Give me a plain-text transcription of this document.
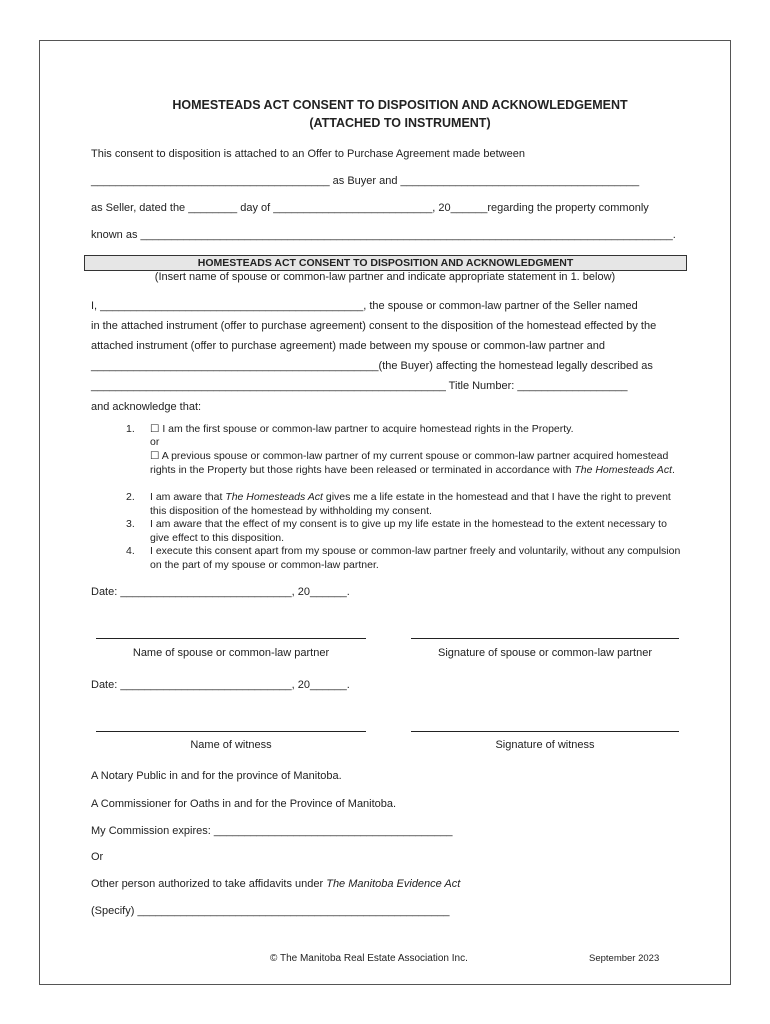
HOMESTEADS ACT CONSENT TO DISPOSITION AND ACKNOWLEDGEMENT
(ATTACHED TO INSTRUMENT)
This consent to disposition is attached to an Offer to Purchase Agreement made between
_______________________________________ as Buyer and _______________________________________
as Seller, dated the ________ day of __________________________, 20______regarding the property commonly
known as _______________________________________________________________________________________.
HOMESTEADS ACT CONSENT TO DISPOSITION AND ACKNOWLEDGMENT
(Insert name of spouse or common-law partner and indicate appropriate statement in 1. below)
I, ___________________________________________, the spouse or common-law partner of the Seller named
in the attached instrument (offer to purchase agreement) consent to the disposition of the homestead effected by the
attached instrument (offer to purchase agreement) made between my spouse or common-law partner and
_______________________________________________(the Buyer) affecting the homestead legally described as
__________________________________________________________ Title Number: __________________
and acknowledge that:
1. ☐ I am the first spouse or common-law partner to acquire homestead rights in the Property.
or
☐ A previous spouse or common-law partner of my current spouse or common-law partner acquired homestead rights in the Property but those rights have been released or terminated in accordance with The Homesteads Act.
2. I am aware that The Homesteads Act gives me a life estate in the homestead and that I have the right to prevent this disposition of the homestead by withholding my consent.
3. I am aware that the effect of my consent is to give up my life estate in the homestead to the extent necessary to give effect to this disposition.
4. I execute this consent apart from my spouse or common-law partner freely and voluntarily, without any compulsion on the part of my spouse or common-law partner.
Date: ____________________________, 20______.
Name of spouse or common-law partner	Signature of spouse or common-law partner
Date: ____________________________, 20______.
Name of witness	Signature of witness
A Notary Public in and for the province of Manitoba.
A Commissioner for Oaths in and for the Province of Manitoba.
My Commission expires: _______________________________________
Or
Other person authorized to take affidavits under The Manitoba Evidence Act
(Specify) ___________________________________________________
© The Manitoba Real Estate Association Inc.	September 2023
